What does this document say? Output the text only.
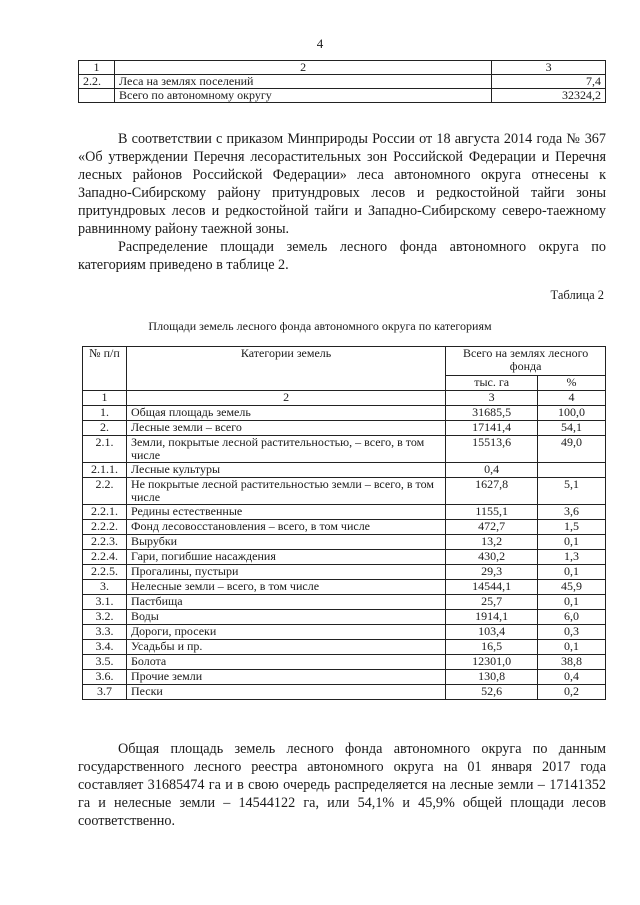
4
1	2	3
2.2.	Леса на землях поселений	7,4
	Всего по автономному округу	32324,2

В соответствии с приказом Минприроды России от 18 августа 2014 года № 367 «Об утверждении Перечня лесорастительных зон Российской Федерации и Перечня лесных районов Российской Федерации» леса автономного округа отнесены к Западно-Сибирскому району притундровых лесов и редкостойной тайги зоны притундровых лесов и редкостойной тайги и Западно-Сибирскому северо-таежному равнинному району таежной зоны.

Распределение площади земель лесного фонда автономного округа по категориям приведено в таблице 2.

Таблица 2
Площади земель лесного фонда автономного округа по категориям
№ п/п	Категории земель	Всего на землях лесного фонда	
		тыс. га	%
1	2	3	4
1.	Общая площадь земель	31685,5	100,0
2.	Лесные земли – всего	17141,4	54,1
2.1.	Земли, покрытые лесной растительностью, – всего, в том числе	15513,6	49,0
2.1.1.	Лесные культуры	0,4	
2.2.	Не покрытые лесной растительностью земли – всего, в том числе	1627,8	5,1
2.2.1.	Редины естественные	1155,1	3,6
2.2.2.	Фонд лесовосстановления – всего, в том числе	472,7	1,5
2.2.3.	Вырубки	13,2	0,1
2.2.4.	Гари, погибшие насаждения	430,2	1,3
2.2.5.	Прогалины, пустыри	29,3	0,1
3.	Нелесные земли – всего, в том числе	14544,1	45,9
3.1.	Пастбища	25,7	0,1
3.2.	Воды	1914,1	6,0
3.3.	Дороги, просеки	103,4	0,3
3.4.	Усадьбы и пр.	16,5	0,1
3.5.	Болота	12301,0	38,8
3.6.	Прочие земли	130,8	0,4
3.7	Пески	52,6	0,2

Общая площадь земель лесного фонда автономного округа по данным государственного лесного реестра автономного округа на 01 января 2017 года составляет 31685474 га и в свою очередь распределяется на лесные земли – 17141352 га и нелесные земли – 14544122 га, или 54,1% и 45,9% общей площади лесов соответственно.
